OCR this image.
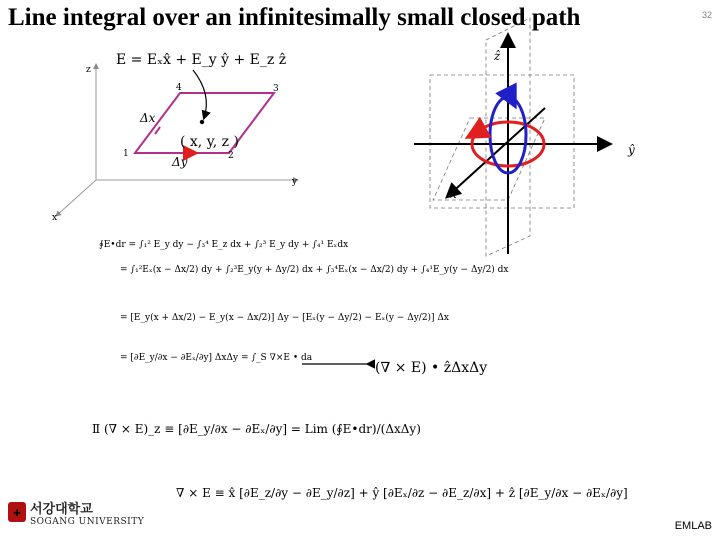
Line integral over an infinitesimally small closed path	32
z
y
x
1	2
3
4
Δx
Δy
( x, y, z )
E = Eₓx̂ + E_y ŷ + E_z ẑ	ẑ
ŷ
x̂
∮E•dr = ∫₁² E_y dy − ∫₃⁴ E_z dx + ∫₂³ E_y dy + ∫₄¹ Eₓdx
= ∫₁²Eₓ(x − Δx/2) dy + ∫₂³E_y(y + Δy/2) dx + ∫₃⁴Eₓ(x − Δx/2) dy + ∫₄¹E_y(y − Δy/2) dx
= [E_y(x + Δx/2) − E_y(x − Δx/2)] Δy − [Eₓ(y − Δy/2) − Eₓ(y − Δy/2)] Δx
= [∂E_y/∂x − ∂Eₓ/∂y] ΔxΔy = ∫_S ∇×E • da
(∇ × E) • ẑΔxΔy
Ⅱ (∇ × E)_z ≡ [∂E_y/∂x − ∂Eₓ/∂y] = Lim (∮E•dr)/(ΔxΔy)
∇ × E ≡ x̂ [∂E_z/∂y − ∂E_y/∂z] + ŷ [∂Eₓ/∂z − ∂E_z/∂x] + ẑ [∂E_y/∂x − ∂Eₓ/∂y]
✚ 서강대학교
SOGANG UNIVERSITY	EMLAB
